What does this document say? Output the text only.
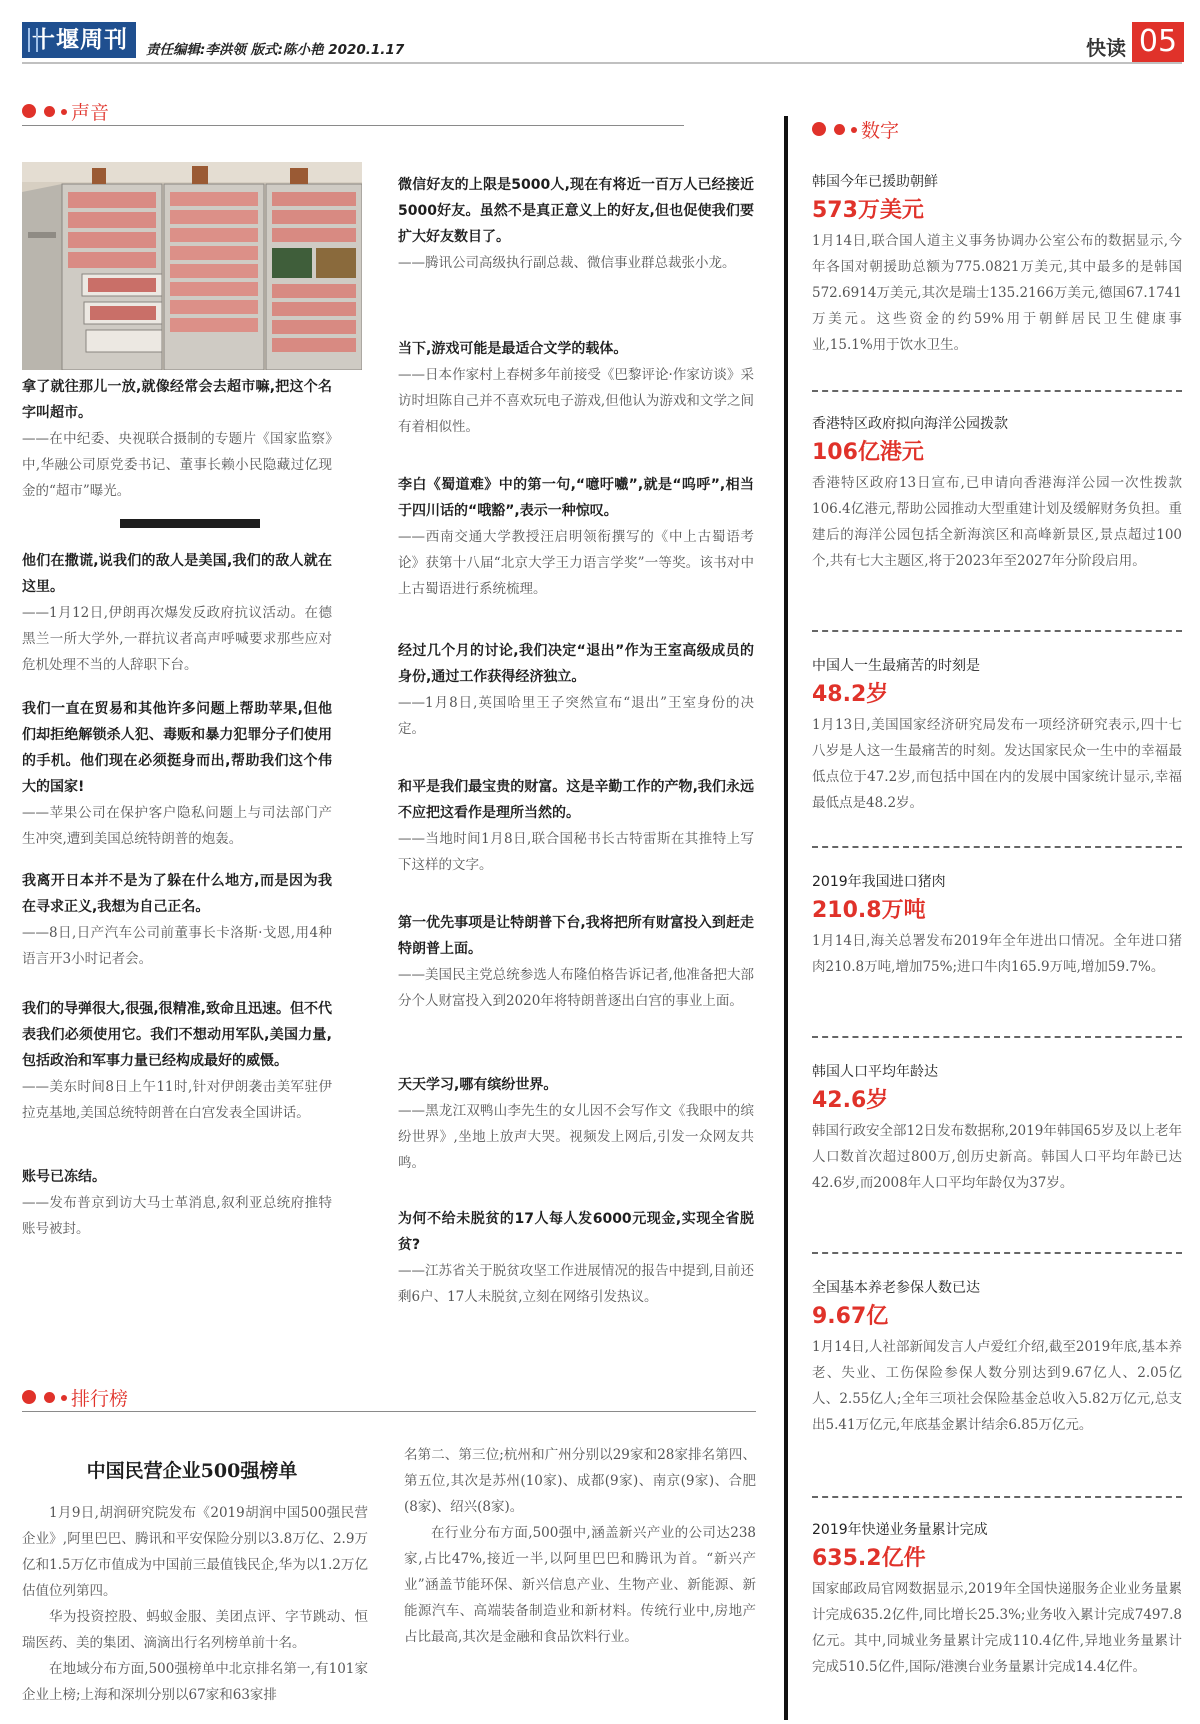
十堰周刊	责任编辑:李洪领 版式:陈小艳 2020.1.17	快读 05
声音

拿了就往那儿一放,就像经常会去超市嘛,把这个名字叫超市。

——在中纪委、央视联合摄制的专题片《国家监察》中,华融公司原党委书记、董事长赖小民隐藏过亿现金的“超市”曝光。

他们在撒谎,说我们的敌人是美国,我们的敌人就在这里。

——1月12日,伊朗再次爆发反政府抗议活动。在德黑兰一所大学外,一群抗议者高声呼喊要求那些应对危机处理不当的人辞职下台。

我们一直在贸易和其他许多问题上帮助苹果,但他们却拒绝解锁杀人犯、毒贩和暴力犯罪分子们使用的手机。他们现在必须挺身而出,帮助我们这个伟大的国家!

——苹果公司在保护客户隐私问题上与司法部门产生冲突,遭到美国总统特朗普的炮轰。

我离开日本并不是为了躲在什么地方,而是因为我在寻求正义,我想为自己正名。

——8日,日产汽车公司前董事长卡洛斯·戈恩,用4种语言开3小时记者会。

我们的导弹很大,很强,很精准,致命且迅速。但不代表我们必须使用它。我们不想动用军队,美国力量,包括政治和军事力量已经构成最好的威慑。

——美东时间8日上午11时,针对伊朗袭击美军驻伊拉克基地,美国总统特朗普在白宫发表全国讲话。

账号已冻结。

——发布普京到访大马士革消息,叙利亚总统府推特账号被封。

微信好友的上限是5000人,现在有将近一百万人已经接近5000好友。虽然不是真正意义上的好友,但也促使我们要扩大好友数目了。

——腾讯公司高级执行副总裁、微信事业群总裁张小龙。

当下,游戏可能是最适合文学的载体。

——日本作家村上春树多年前接受《巴黎评论·作家访谈》采访时坦陈自己并不喜欢玩电子游戏,但他认为游戏和文学之间有着相似性。

李白《蜀道难》中的第一句,“噫吁嚱”,就是“呜呼”,相当于四川话的“哦豁”,表示一种惊叹。

——西南交通大学教授汪启明领衔撰写的《中上古蜀语考论》获第十八届“北京大学王力语言学奖”一等奖。该书对中上古蜀语进行系统梳理。

经过几个月的讨论,我们决定“退出”作为王室高级成员的身份,通过工作获得经济独立。

——1月8日,英国哈里王子突然宣布“退出”王室身份的决定。

和平是我们最宝贵的财富。这是辛勤工作的产物,我们永远不应把这看作是理所当然的。

——当地时间1月8日,联合国秘书长古特雷斯在其推特上写下这样的文字。

第一优先事项是让特朗普下台,我将把所有财富投入到赶走特朗普上面。

——美国民主党总统参选人布隆伯格告诉记者,他准备把大部分个人财富投入到2020年将特朗普逐出白宫的事业上面。

天天学习,哪有缤纷世界。

——黑龙江双鸭山李先生的女儿因不会写作文《我眼中的缤纷世界》,坐地上放声大哭。视频发上网后,引发一众网友共鸣。

为何不给未脱贫的17人每人发6000元现金,实现全省脱贫?

——江苏省关于脱贫攻坚工作进展情况的报告中提到,目前还剩6户、17人未脱贫,立刻在网络引发热议。

排行榜
中国民营企业500强榜单

1月9日,胡润研究院发布《2019胡润中国500强民营企业》,阿里巴巴、腾讯和平安保险分别以3.8万亿、2.9万亿和1.5万亿市值成为中国前三最值钱民企,华为以1.2万亿估值位列第四。

华为投资控股、蚂蚁金服、美团点评、字节跳动、恒瑞医药、美的集团、滴滴出行名列榜单前十名。

在地域分布方面,500强榜单中北京排名第一,有101家企业上榜;上海和深圳分别以67家和63家排

名第二、第三位;杭州和广州分别以29家和28家排名第四、第五位,其次是苏州(10家)、成都(9家)、南京(9家)、合肥(8家)、绍兴(8家)。

在行业分布方面,500强中,涵盖新兴产业的公司达238家,占比47%,接近一半,以阿里巴巴和腾讯为首。“新兴产业”涵盖节能环保、新兴信息产业、生物产业、新能源、新能源汽车、高端装备制造业和新材料。传统行业中,房地产占比最高,其次是金融和食品饮料行业。

数字

韩国今年已援助朝鲜

573万美元

1月14日,联合国人道主义事务协调办公室公布的数据显示,今年各国对朝援助总额为775.0821万美元,其中最多的是韩国572.6914万美元,其次是瑞士135.2166万美元,德国67.1741万美元。这些资金的约59%用于朝鲜居民卫生健康事业,15.1%用于饮水卫生。

香港特区政府拟向海洋公园拨款

106亿港元

香港特区政府13日宣布,已申请向香港海洋公园一次性拨款106.4亿港元,帮助公园推动大型重建计划及缓解财务负担。重建后的海洋公园包括全新海滨区和高峰新景区,景点超过100个,共有七大主题区,将于2023年至2027年分阶段启用。

中国人一生最痛苦的时刻是

48.2岁

1月13日,美国国家经济研究局发布一项经济研究表示,四十七八岁是人这一生最痛苦的时刻。发达国家民众一生中的幸福最低点位于47.2岁,而包括中国在内的发展中国家统计显示,幸福最低点是48.2岁。

2019年我国进口猪肉

210.8万吨

1月14日,海关总署发布2019年全年进出口情况。全年进口猪肉210.8万吨,增加75%;进口牛肉165.9万吨,增加59.7%。

韩国人口平均年龄达

42.6岁

韩国行政安全部12日发布数据称,2019年韩国65岁及以上老年人口数首次超过800万,创历史新高。韩国人口平均年龄已达42.6岁,而2008年人口平均年龄仅为37岁。

全国基本养老参保人数已达

9.67亿

1月14日,人社部新闻发言人卢爱红介绍,截至2019年底,基本养老、失业、工伤保险参保人数分别达到9.67亿人、2.05亿人、2.55亿人;全年三项社会保险基金总收入5.82万亿元,总支出5.41万亿元,年底基金累计结余6.85万亿元。

2019年快递业务量累计完成

635.2亿件

国家邮政局官网数据显示,2019年全国快递服务企业业务量累计完成635.2亿件,同比增长25.3%;业务收入累计完成7497.8亿元。其中,同城业务量累计完成110.4亿件,异地业务量累计完成510.5亿件,国际/港澳台业务量累计完成14.4亿件。
